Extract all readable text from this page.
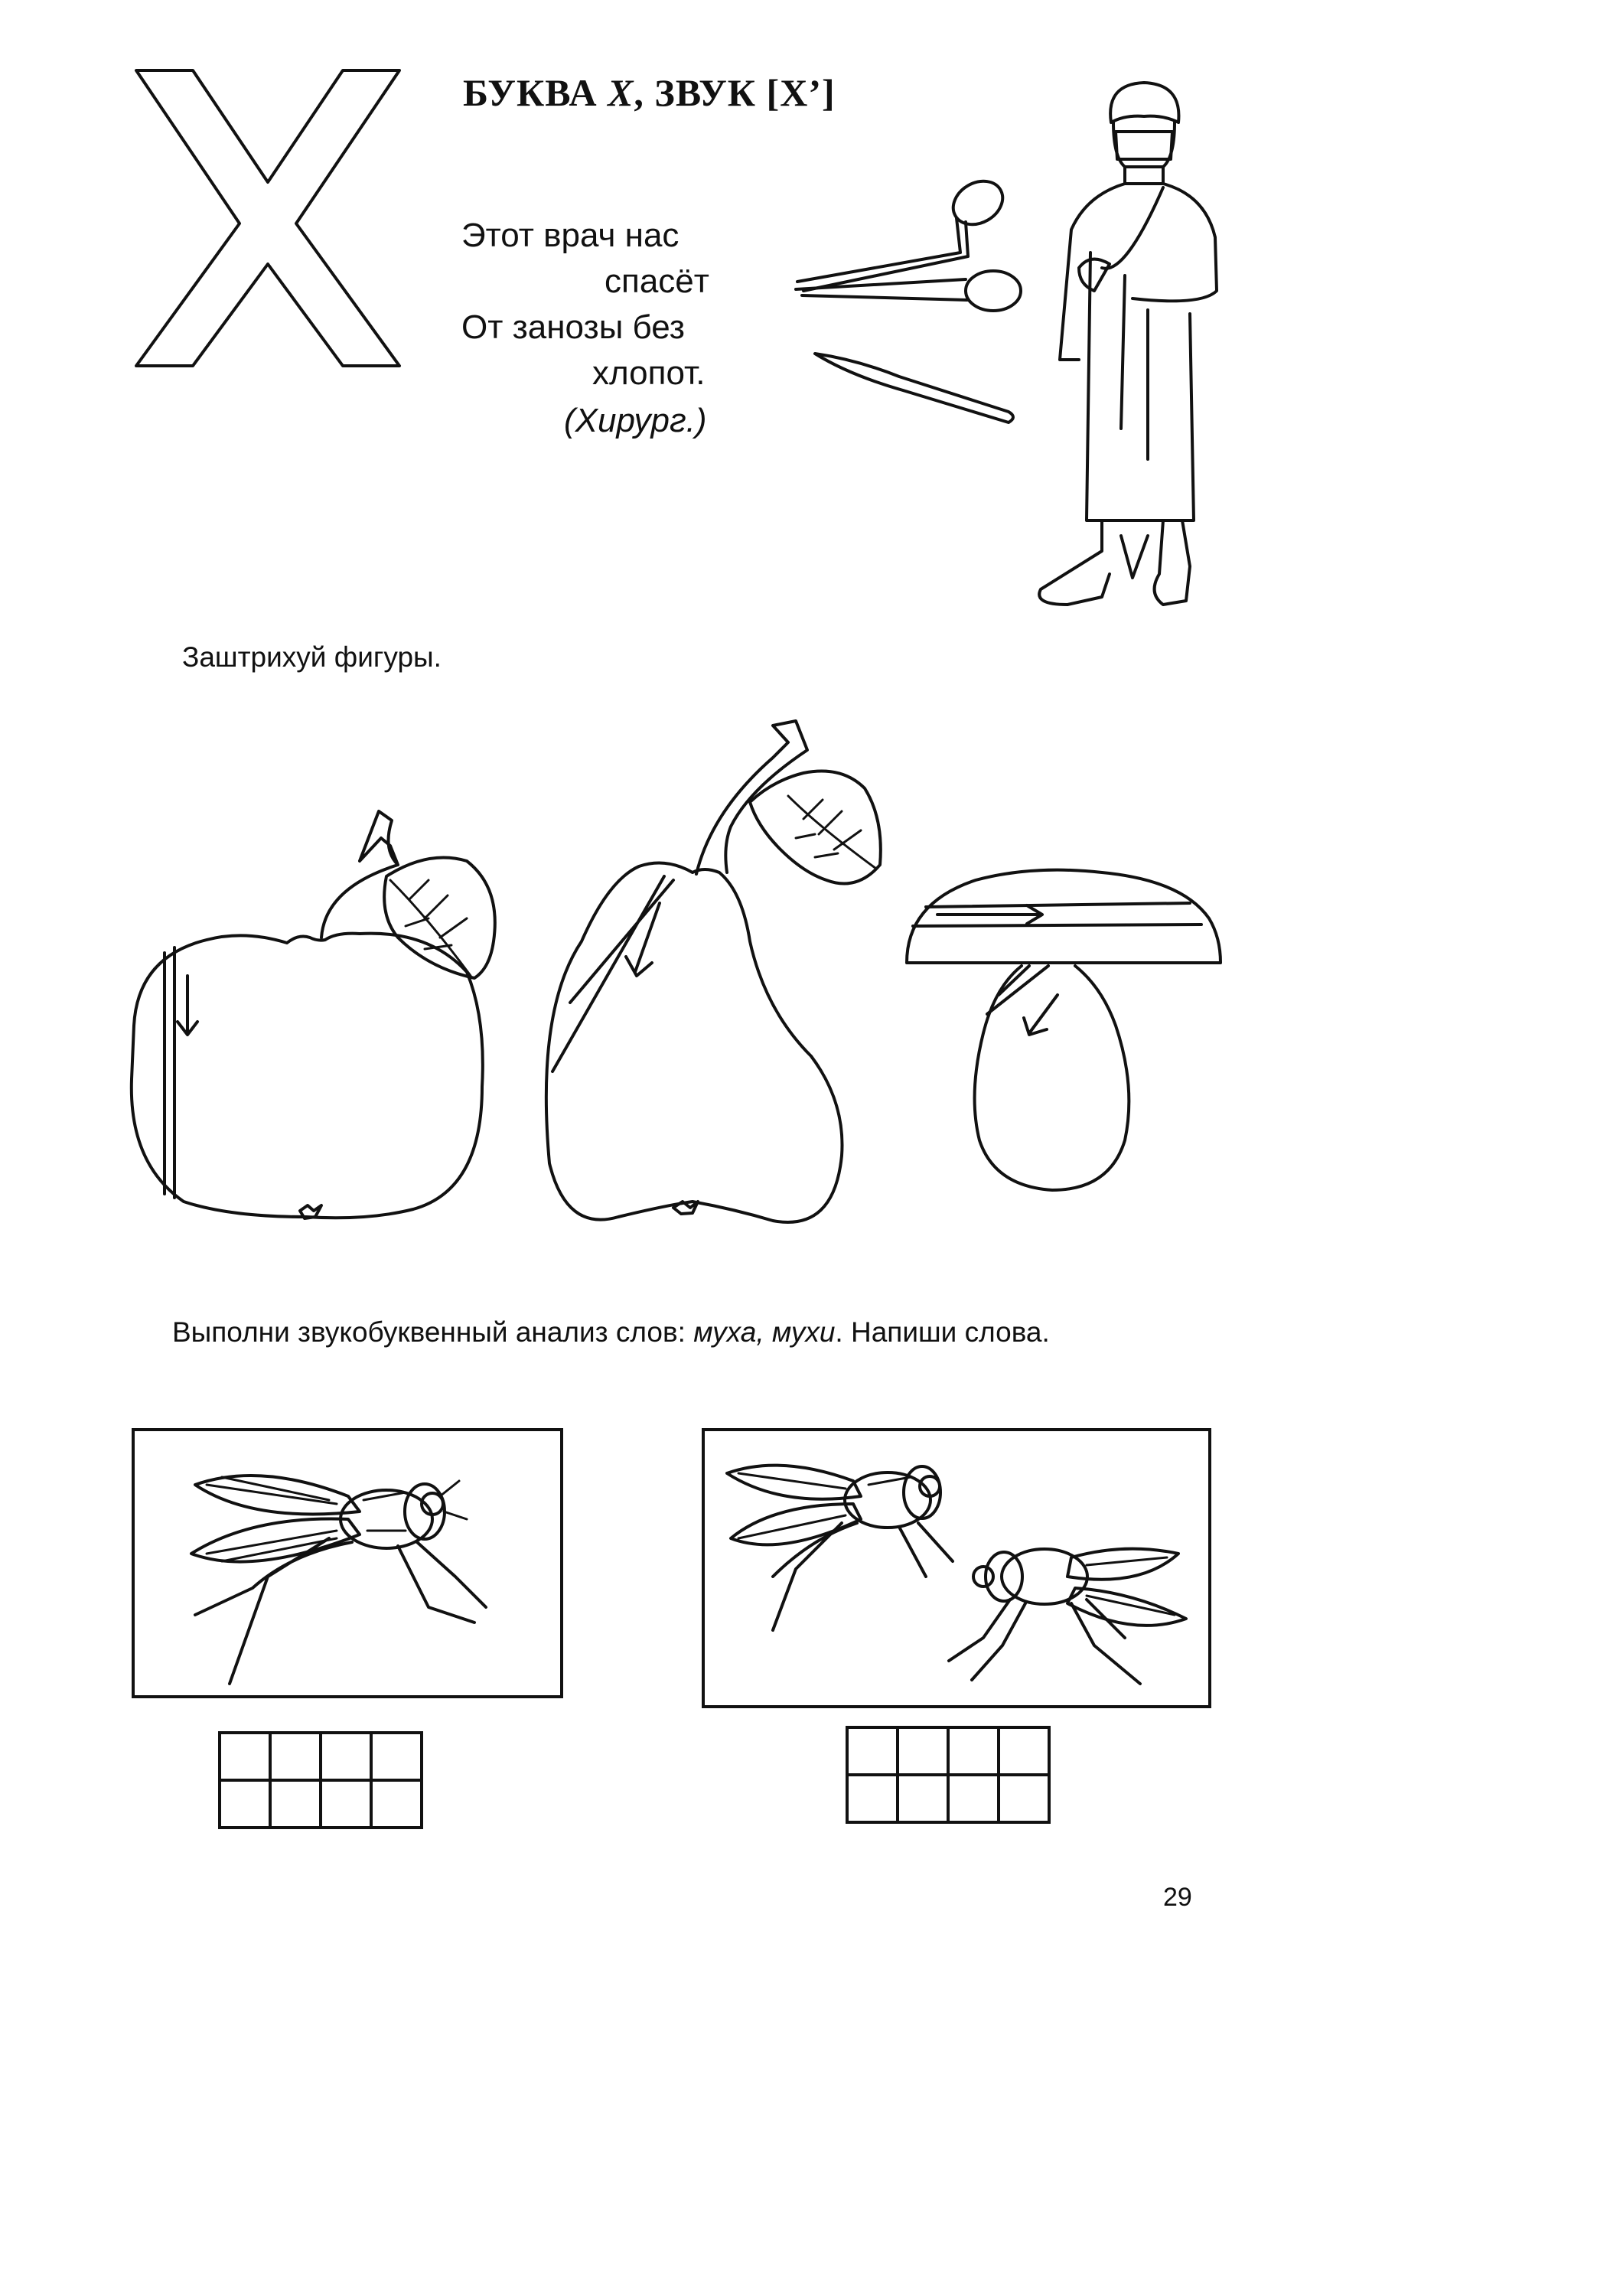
БУКВА Х, ЗВУК [Х’]
Этот врач нас
спасёт
От занозы без
хлопот.
(Хирург.)
Заштрихуй фигуры.
Выполни звукобуквенный анализ слов: муха, мухи. Напиши слова.

29
